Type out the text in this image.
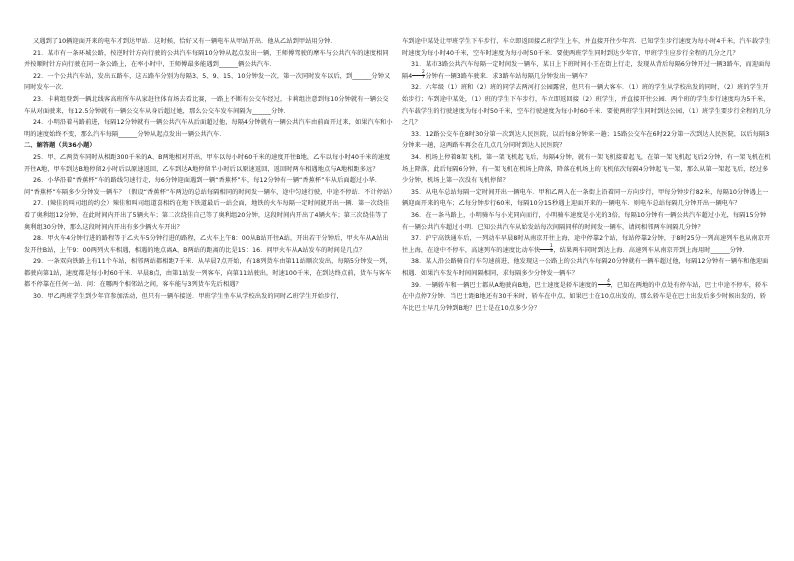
又遇到了10辆迎面开来的电车才到达甲站．这时候，恰好又有一辆电车从甲站开出．他从乙站到甲站用分钟．

21．某市有一条环城公路，按逆时针方向行驶的公共汽车每隔10分钟从起点发出一辆，王师傅驾驶的摩车与公共汽车的速度相同并按顺时针方向行驶在同一条公路上，在率小时中，王师傅最多能遇到______辆公共汽车．

22．一个公共汽车站，发出五路车，这五路车分别为每隔3、5、9、15、10分钟发一次，第一次同时发车以后，到______分钟又同时发车一次．

23．卡莉组登到一辆北线客高班所车从家赶往体育场去看比赛，一路上不断有公交车经过，卡莉组注意到每10分钟就有一辆公交车从对面驶来，每12.5分钟就有一辆公交车从身后超过她，那么公交车发车间隔为______分钟．

24．小明沿着马路前进，每隔12分钟就有一辆公共汽车从后面超过他，每隔4分钟就有一辆公共汽车由前面开过来，如果汽车和小明的速度始终不变，那么汽车每隔______分钟从起点发出一辆公共汽车．

二、解答题（共36小题）

25．甲、乙两货车同时从相距300千米的A、B两地相对开出，甲车以每小时60千米的速度开往B地，乙车以每小时40千米的速度开往A地，甲车到达B地停留2小时后以原速返回，乙车到达A地停留半小时后以原速返回，返回时两车相遇地点与A地相距多远？

26．小华沿着“香蕉杯”车的路线匀速行走，每6分钟迎面遇到一辆“香蕉杯”车，每12分钟有一辆“香蕉杯”车从后面超过小华．问“香蕉杯”车隔多少分钟发一辆车？（假设“香蕉杯”车两边的总站每隔相同的时间发一辆车，途中匀速行驶，中途不停站．不计停站）

27．(辣佳的叫司组的约会）辣佳和叫司组道喜相约在地下铁道最后一站会面，地铁的火车每隔一定时间就开出一辆．第一次绕佳看了奥利组12分钟，在此时间内开出了5辆火车；第二次绕佳自己等了奥利组20分钟，这段时间内开出了4辆火车；第三次绕佳等了奥利组30分钟，那么这段时间内开出有多少辆火车开出？

28．甲火车4分钟行进的路程等于乙火车5分钟行进的路程，乙火车上午8：00从B站开往A站，开出若干分钟后，甲火车从A站出发开往B站，上午9：00两列火车相遇，相遇的地点离A、B两站的距离的比是15：16．问甲火车从A站发车的时间是几点？

29．一条双向铁路上有11个车站，相邻两站都相距7千米．从早晨7点开始，有18列货车由第11站顺次发出，每隔5分钟发一列，都驶向第1站，速度都是每小时60千米．早晨8点，由第1站发一列客车，向第11站驶出，时速100千米，在到达终点前，货车与客车都不停靠在任何一站．问：在哪两个相邻站之间，客车能与3列货车先后相遇？

30．甲乙两班学生到少年宫参加活动，但只有一辆车接送．甲班学生坐车从学校出发的同时乙班学生开始步行，

车到途中某处让甲班学生下车步行，车立即返回接乙班学生上车，并直接开往少年宫．已知学生步行速度为每小时4千米，汽车载学生时速度为每小时40千米，空车时速度为每小时50千米．要使两班学生同时到达少年宫，甲班学生应步行全程的几分之几？

31．某市3路公共汽车每隔一定时间发一辆车，某日上下班时间小王在街上行走，发现从背后每隔6分钟开过一辆3路车，而迎面每隔$4 \frac{2}{7}$ 分钟有一辆3路车驶来．求3路车站每隔几分钟发出一辆车？

32．六年级（1）班和（2）班的同学去两河打公园露营，但只有一辆大客车．（1）班的学生从学校出发的同时，（2）班的学生开始步行；车到途中某处，（1）班的学生下车步行，车立即返回接（2）班学生，并直接开往公园．两个班的学生步行速度均为5千米，汽车载学生的行驶速度为每小时50千米，空车行驶速度为每小时60千米．要使两班学生同时到达公园，（1）班学生要步行全程的几分之几？

33．12路公交车在8时30分第一次到达人民医院，以后每8分钟来一趟；15路公交车在6时22分第一次到达人民医院，以后每隔3分钟来一趟，这两路车再会在几点几分同时到达人民医院？

34．机场上停着8架飞机，第一架飞机起飞后，每隔4分钟，就有一架飞机接着起飞，在第一架飞机起飞后2分钟，有一架飞机在机场上降落，此后每隔6分钟，有一架飞机在机场上降落，降落在机场上的飞机依次每隔4分钟起飞一架，那么从第一架起飞后，经过多少分钟，机场上第一次没有飞机停留？

35．从电车总站每隔一定时间开出一辆电车．甲和乙两人在一条街上沿着同一方向步行，甲每分钟步行82米，每隔10分钟遇上一辆迎面开来的电车；乙每分钟步行60米，每隔10分15秒遇上迎面开来的一辆电车．则电车总站每隔几分钟开出一辆电车？

36．在一条马路上，小明骑车与小光同向而行，小明骑车速度是小光的3倍，每隔10分钟有一辆公共汽车超过小光，每隔15分钟有一辆公共汽车超过小明．已知公共汽车从始发站每次间隔同样的时间发一辆车，请问相邻两车间隔几分钟？

37．沪宁高铁通车后，一列动车早晨8时从南京开往上海，途中停靠2个站，每站停靠2分钟，于8时25分一列高速列车也从南京开往上海，在途中不停车，高速列车的速度比动车快 $\frac{1}{3}$ ，结果两车同时到达上海．高速列车从南京开到上海用时______分钟．

38．某人沿公路骑自行车匀速前进，他发现这一公路上的公共汽车每隔20分钟就有一辆车超过他，每隔12分钟有一辆车和他迎面相遇．如果汽车发车时间间隔相同，求每隔多少分钟发一辆车？

39．一辆轿车和一辆巴士都从A地驶向B地，巴士速度是轿车速度的 $\frac{4}{5}$ ，已知在两地的中点处有停车站，巴士中途不停车，轿车在中点停7分钟．当巴士距B地还有30千米时，轿车在中点，如果巴士在10点出发的，那么轿车是在巴士出发后多少时候出发的，轿车比巴士早几分钟到B地？巴士是在10点多少分？
